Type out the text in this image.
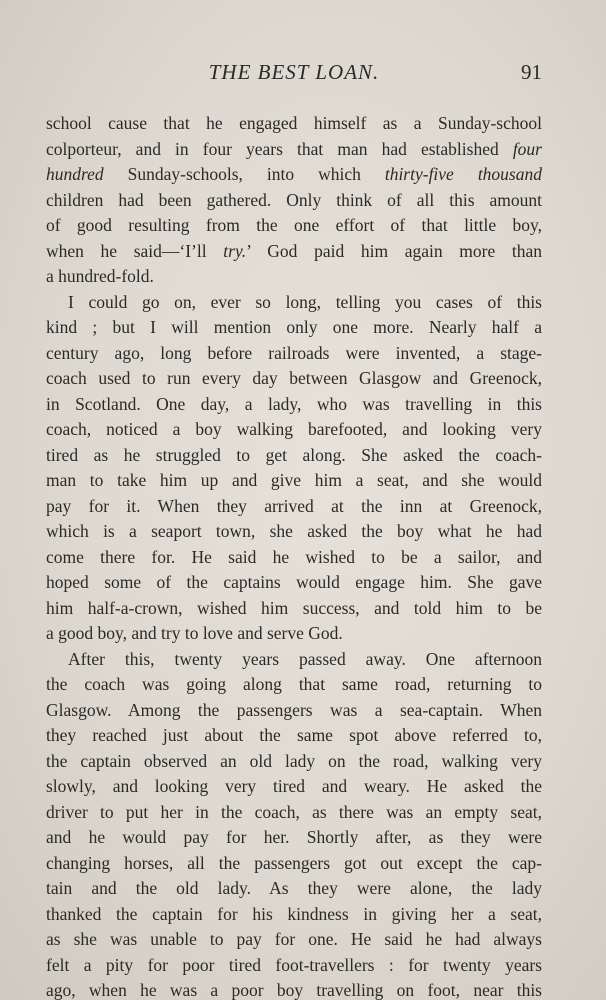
THE BEST LOAN.	91
school cause that he engaged himself as a Sunday-school
colporteur, and in four years that man had established four
hundred Sunday-schools, into which thirty-five thousand
children had been gathered. Only think of all this amount
of good resulting from the one effort of that little boy,
when he said—‘I’ll try.’ God paid him again more than
a hundred-fold.
I could go on, ever so long, telling you cases of this
kind ; but I will mention only one more. Nearly half a
century ago, long before railroads were invented, a stage-
coach used to run every day between Glasgow and Greenock,
in Scotland. One day, a lady, who was travelling in this
coach, noticed a boy walking barefooted, and looking very
tired as he struggled to get along. She asked the coach-
man to take him up and give him a seat, and she would
pay for it. When they arrived at the inn at Greenock,
which is a seaport town, she asked the boy what he had
come there for. He said he wished to be a sailor, and
hoped some of the captains would engage him. She gave
him half-a-crown, wished him success, and told him to be
a good boy, and try to love and serve God.
After this, twenty years passed away. One afternoon
the coach was going along that same road, returning to
Glasgow. Among the passengers was a sea-captain. When
they reached just about the same spot above referred to,
the captain observed an old lady on the road, walking very
slowly, and looking very tired and weary. He asked the
driver to put her in the coach, as there was an empty seat,
and he would pay for her. Shortly after, as they were
changing horses, all the passengers got out except the cap-
tain and the old lady. As they were alone, the lady
thanked the captain for his kindness in giving her a seat,
as she was unable to pay for one. He said he had always
felt a pity for poor tired foot-travellers : for twenty years
ago, when he was a poor boy travelling on foot, near this
